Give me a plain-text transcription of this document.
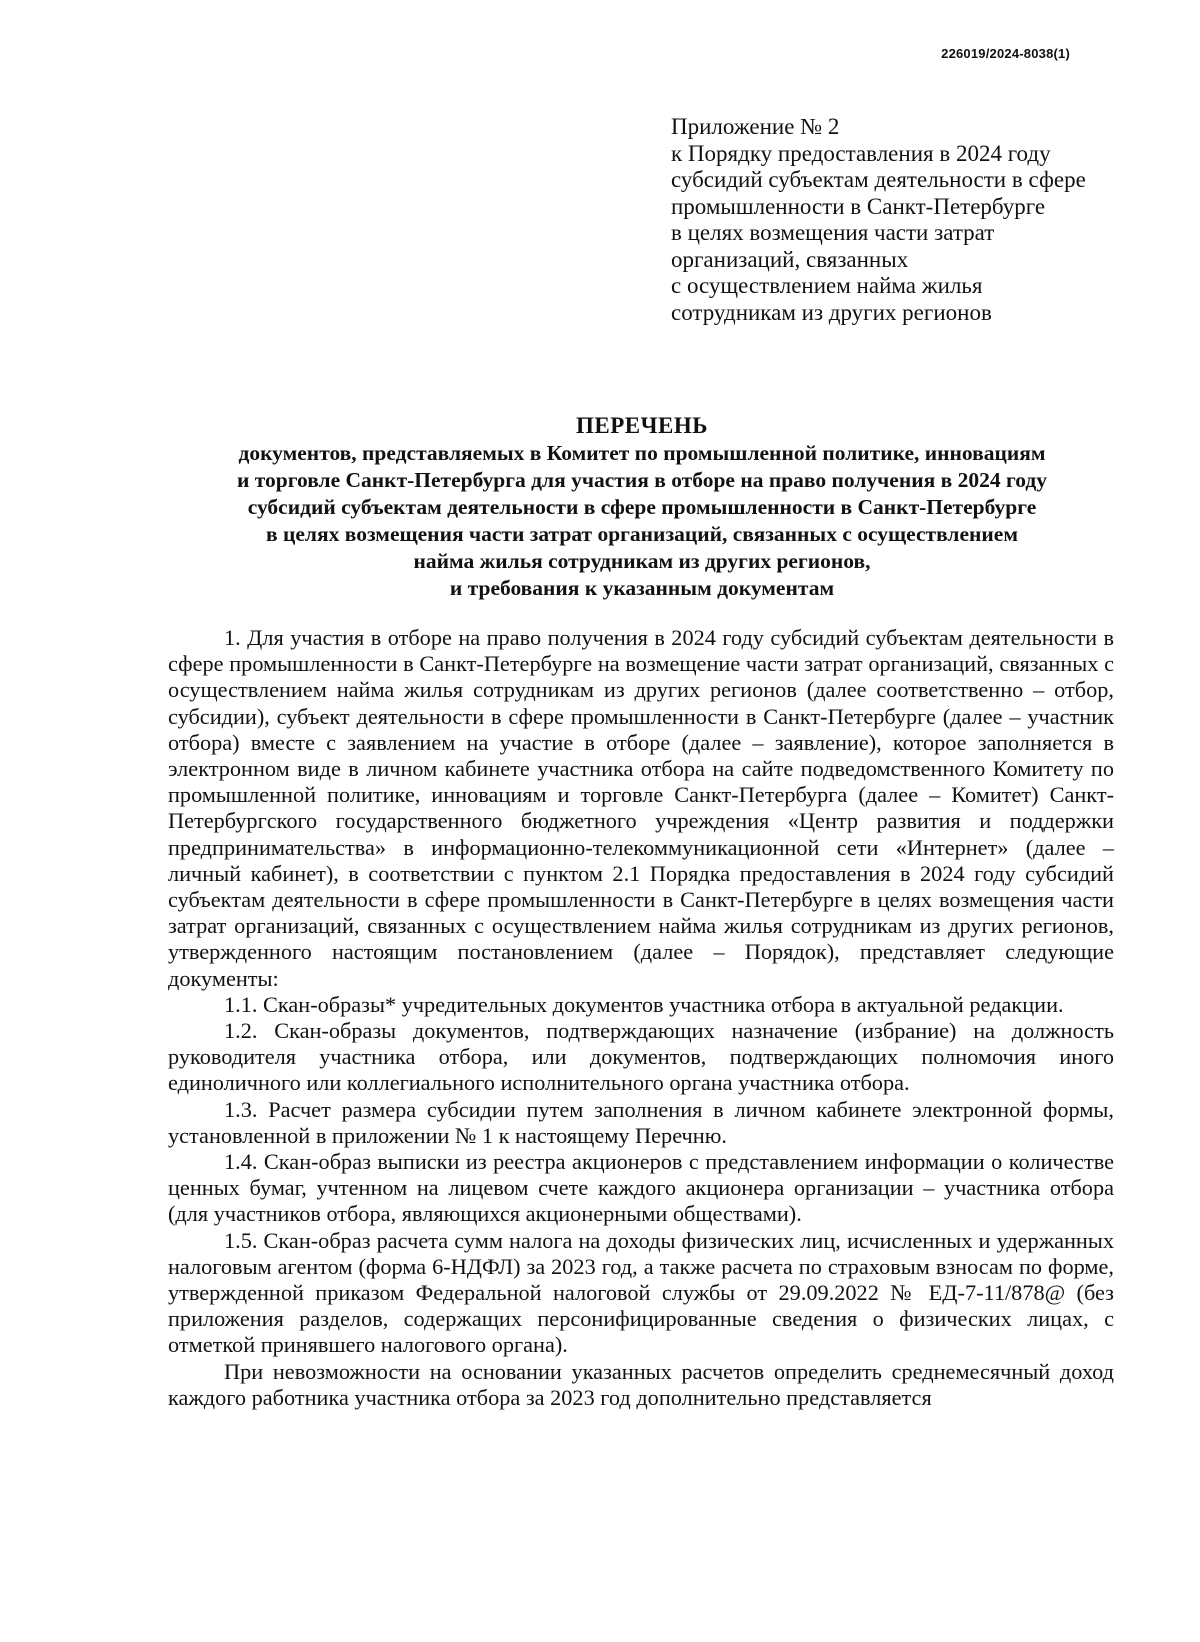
226019/2024-8038(1)
Приложение № 2
к Порядку предоставления в 2024 году
субсидий субъектам деятельности в сфере
промышленности в Санкт-Петербурге
в целях возмещения части затрат
организаций, связанных
с осуществлением найма жилья
сотрудникам из других регионов
ПЕРЕЧЕНЬ
документов, представляемых в Комитет по промышленной политике, инновациям
и торговле Санкт-Петербурга для участия в отборе на право получения в 2024 году
субсидий субъектам деятельности в сфере промышленности в Санкт-Петербурге
в целях возмещения части затрат организаций, связанных с осуществлением
найма жилья сотрудникам из других регионов,
и требования к указанным документам

1. Для участия в отборе на право получения в 2024 году субсидий субъектам деятельности в сфере промышленности в Санкт-Петербурге на возмещение части затрат организаций, связанных с осуществлением найма жилья сотрудникам из других регионов (далее соответственно – отбор, субсидии), субъект деятельности в сфере промышленности в Санкт-Петербурге (далее – участник отбора) вместе с заявлением на участие в отборе (далее – заявление), которое заполняется в электронном виде в личном кабинете участника отбора на сайте подведомственного Комитету по промышленной политике, инновациям и торговле Санкт-Петербурга (далее – Комитет) Санкт-Петербургского государственного бюджетного учреждения «Центр развития и поддержки предпринимательства» в информационно-телекоммуникационной сети «Интернет» (далее – личный кабинет), в соответствии с пунктом 2.1 Порядка предоставления в 2024 году субсидий субъектам деятельности в сфере промышленности в Санкт-Петербурге в целях возмещения части затрат организаций, связанных с осуществлением найма жилья сотрудникам из других регионов, утвержденного настоящим постановлением (далее – Порядок), представляет следующие документы:

1.1. Скан-образы* учредительных документов участника отбора в актуальной редакции.

1.2. Скан-образы документов, подтверждающих назначение (избрание) на должность руководителя участника отбора, или документов, подтверждающих полномочия иного единоличного или коллегиального исполнительного органа участника отбора.

1.3. Расчет размера субсидии путем заполнения в личном кабинете электронной формы, установленной в приложении № 1 к настоящему Перечню.

1.4. Скан-образ выписки из реестра акционеров с представлением информации о количестве ценных бумаг, учтенном на лицевом счете каждого акционера организации – участника отбора (для участников отбора, являющихся акционерными обществами).

1.5. Скан-образ расчета сумм налога на доходы физических лиц, исчисленных и удержанных налоговым агентом (форма 6-НДФЛ) за 2023 год, а также расчета по страховым взносам по форме, утвержденной приказом Федеральной налоговой службы от 29.09.2022 № ЕД-7-11/878@ (без приложения разделов, содержащих персонифицированные сведения о физических лицах, с отметкой принявшего налогового органа).

При невозможности на основании указанных расчетов определить среднемесячный доход каждого работника участника отбора за 2023 год дополнительно представляется
